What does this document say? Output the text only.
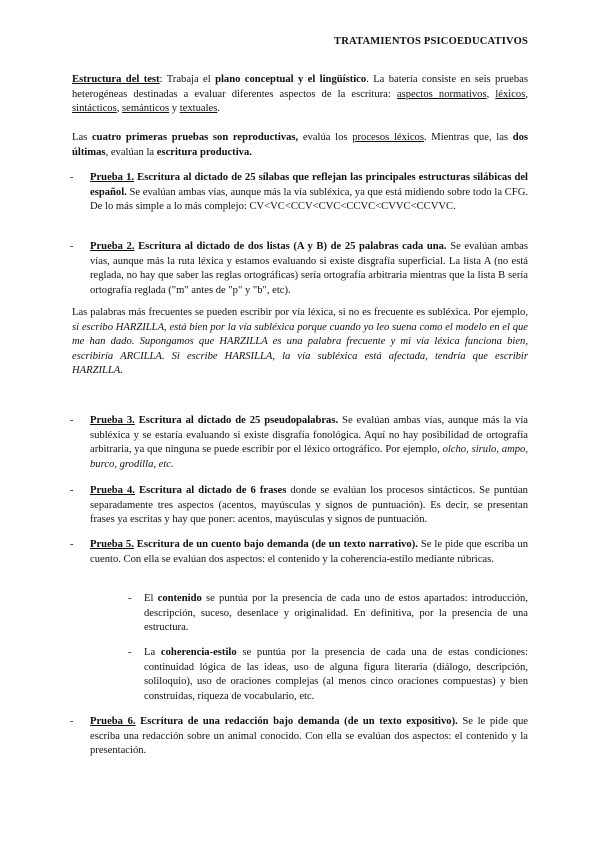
TRATAMIENTOS PSICOEDUCATIVOS

Estructura del test: Trabaja el plano conceptual y el lingüístico. La batería consiste en seis pruebas heterogéneas destinadas a evaluar diferentes aspectos de la escritura: aspectos normativos, léxicos, sintácticos, semánticos y textuales.

Las cuatro primeras pruebas son reproductivas, evalúa los procesos léxicos. Mientras que, las dos últimas, evalúan la escritura productiva.

- Prueba 1. Escritura al dictado de 25 sílabas que reflejan las principales estructuras silábicas del español. Se evalúan ambas vías, aunque más la vía subléxica, ya que está midiendo sobre todo la CFG. De lo más simple a lo más complejo: CV<VC<CCV<CVC<CCVC<CVVC<CCVVC.
- Prueba 2. Escritura al dictado de dos listas (A y B) de 25 palabras cada una. Se evalúan ambas vías, aunque más la ruta léxica y estamos evaluando si existe disgrafía superficial. La lista A (no está reglada, no hay que saber las reglas ortográficas) sería ortografía arbitraria mientras que la lista B sería ortografía reglada ("m" antes de "p" y "b", etc).

Las palabras más frecuentes se pueden escribir por vía léxica, si no es frecuente es subléxica. Por ejemplo, si escribo HARZILLA, está bien por la vía subléxica porque cuando yo leo suena como el modelo en el que me han dado. Supongamos que HARZILLA es una palabra frecuente y mi vía léxica funciona bien, escribiría ARCILLA. Si escribe HARSILLA, la vía subléxica está afectada, tendría que escribir HARZILLA.

- Prueba 3. Escritura al dictado de 25 pseudopalabras. Se evalúan ambas vías, aunque más la vía subléxica y se estaría evaluando si existe disgrafía fonológica. Aquí no hay posibilidad de ortografía arbitraria, ya que ninguna se puede escribir por el léxico ortográfico. Por ejemplo, olcho, sirulo, ampo, burco, grodilla, etc.
- Prueba 4. Escritura al dictado de 6 frases donde se evalúan los procesos sintácticos. Se puntúan separadamente tres aspectos (acentos, mayúsculas y signos de puntuación). Es decir, se presentan frases ya escritas y hay que poner: acentos, mayúsculas y signos de puntuación.
- Prueba 5. Escritura de un cuento bajo demanda (de un texto narrativo). Se le pide que escriba un cuento. Con ella se evalúan dos aspectos: el contenido y la coherencia-estilo mediante rúbricas.
- El contenido se puntúa por la presencia de cada uno de estos apartados: introducción, descripción, suceso, desenlace y originalidad. En definitiva, por la presencia de una estructura.
- La coherencia-estilo se puntúa por la presencia de cada una de estas condiciones: continuidad lógica de las ideas, uso de alguna figura literaria (diálogo, descripción, soliloquio), uso de oraciones complejas (al menos cinco oraciones compuestas) y bien construidas, riqueza de vocabulario, etc.
- Prueba 6. Escritura de una redacción bajo demanda (de un texto expositivo). Se le pide que escriba una redacción sobre un animal conocido. Con ella se evalúan dos aspectos: el contenido y la presentación.
